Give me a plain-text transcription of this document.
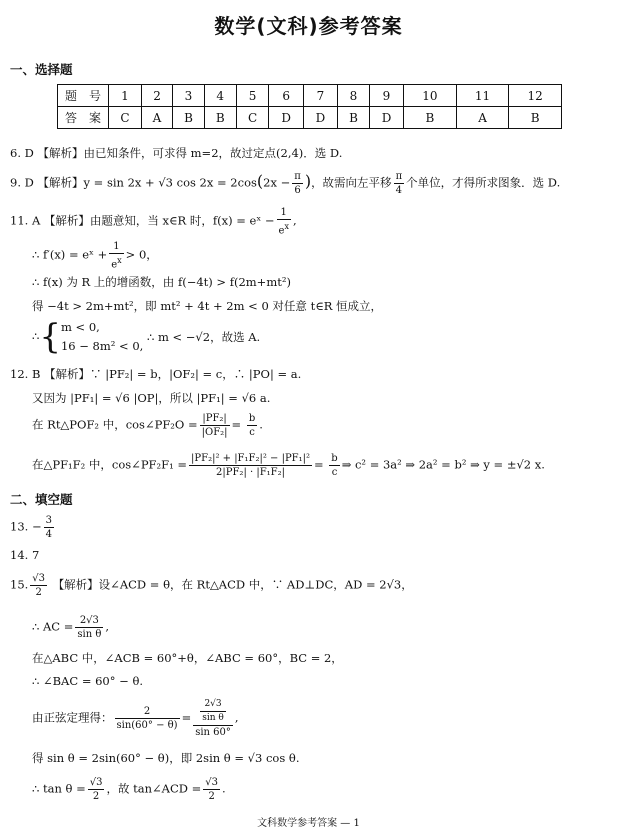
数学(文科)参考答案
一、选择题
题　号	1	2	3	4	5	6	7	8	9	10	11	12
答　案	C	A	B	B	C	D	D	B	D	B	A	B
6. D 【解析】由已知条件，可求得 m=2，故过定点(2,4)．选 D.
9. D 【解析】y = sin 2x + √3 $\cos 2x = 2\cos(2x - \frac{\pi}{6}$ )，故需向左平移 $\frac{\pi}{4}$ 个单位，才得所求图象．选 D.
11. A 【解析】由题意知，当 x∈R 时，f(x) = eˣ − $\frac{1}{e^x}$ ,
∴ f′(x) = eˣ + $\frac{1}{e^x} > 0$，
∴ f(x) 为 R 上的增函数，由 f(−4t) > f(2m+mt²)
得 −4t > 2m+mt²，即 mt² + 4t + 2m < 0 对任意 t∈R 恒成立，
∴{ m < 0,
16 − 8m² < 0,
∴ m < −√2，故选 A.
12. B 【解析】∵ |PF₂| = b，|OF₂| = c，∴ |PO| = a.
又因为 |PF₁| = √6 |OP|，所以 |PF₁| = √6 a.
在 Rt△POF₂ 中，cos∠PF₂O = $\frac{\text{|PF₂|}}{\text{|OF₂|}} = \frac{b}{c}$ .
在△PF₁F₂ 中，cos∠PF₂F₁ = $\frac{\text{|PF₂|² + |F₁F₂|² − |PF₁|²}}{\text{2|PF₂| · |F₁F₂|}} = \frac{b}{c}$ ⇒ c² = 3a² ⇒ 2a² = b² ⇒ y = ±√2 x.
二、填空题
13. − $\frac{3}{4}$
14. 7
15. $\frac{√3}{2}$ 【解析】设∠ACD = θ，在 Rt△ACD 中，∵ AD⊥DC，AD = 2√3，
∴ AC = $\frac{2√3}{\text{sin θ}}$ ,
在△ABC 中，∠ACB = 60°+θ，∠ABC = 60°，BC = 2，
∴ ∠BAC = 60° − θ.
由正弦定理得： $\frac{2}{\sin(60^\circ - \theta)} = \frac{\frac{2√3}{\text{sin θ}}}{\sin 60^\circ}$ ,
得 sin θ = 2sin(60° − θ)，即 2sin θ = √3 cos θ.
∴ $\tan \theta = \frac{√3}{2}$ ，故 tan∠ACD = $\frac{√3}{2}$ .
文科数学参考答案 — 1
